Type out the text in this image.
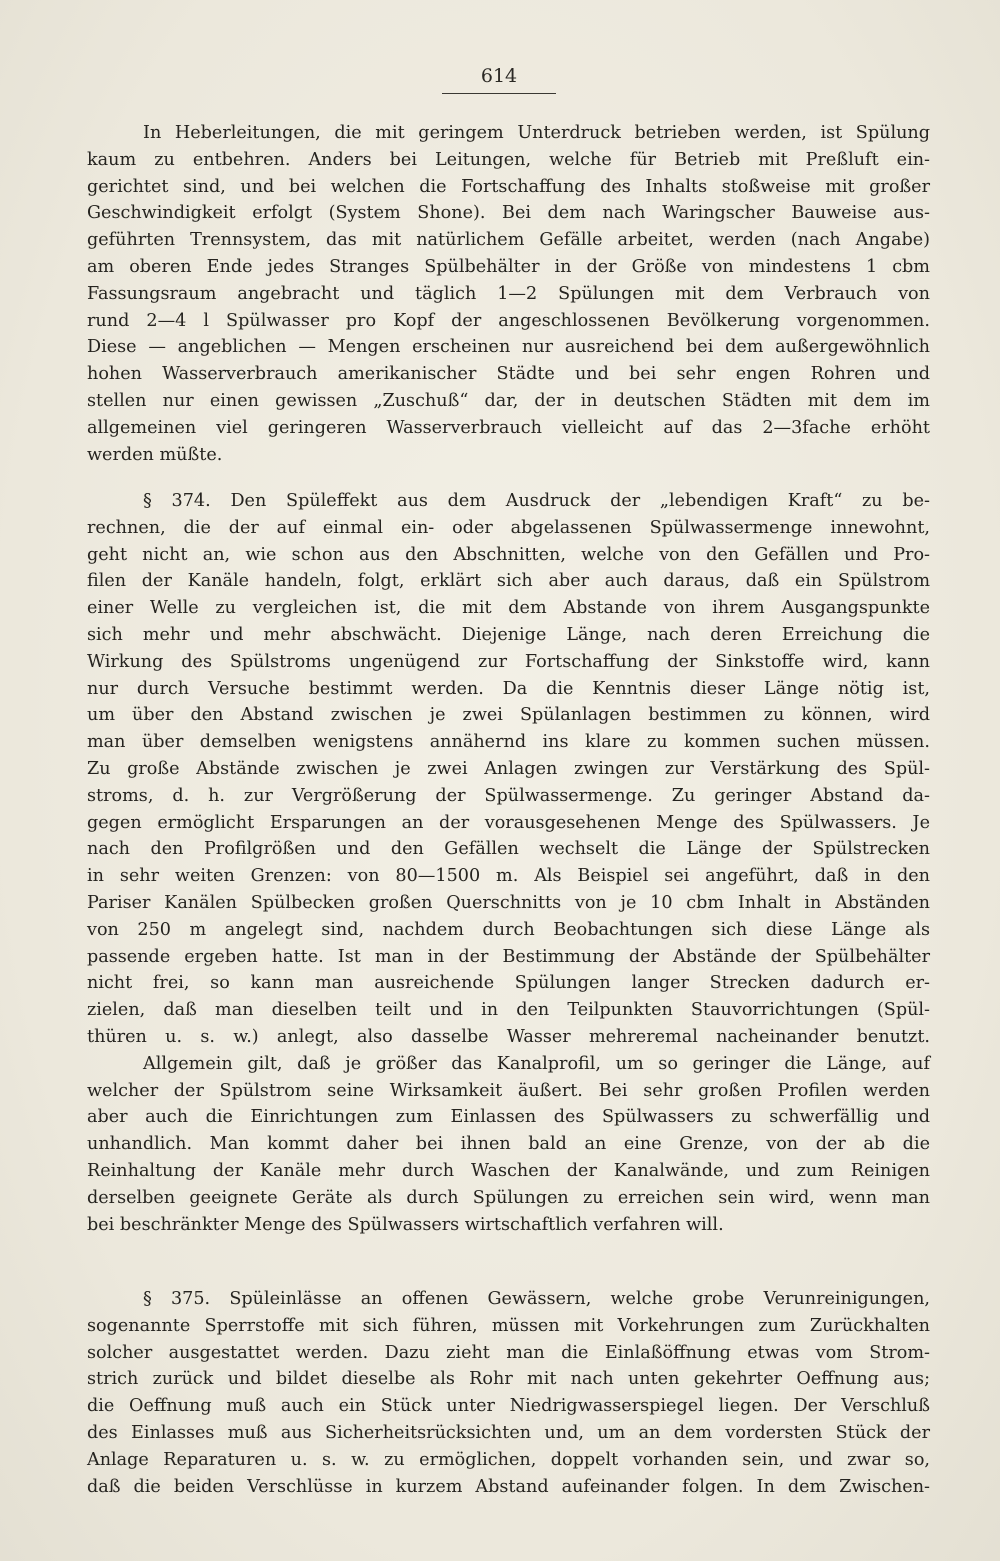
614
In Heberleitungen, die mit geringem Unterdruck betrieben werden, ist Spülung
kaum zu entbehren. Anders bei Leitungen, welche für Betrieb mit Preßluft ein-
gerichtet sind, und bei welchen die Fortschaffung des Inhalts stoßweise mit großer
Geschwindigkeit erfolgt (System Shone). Bei dem nach Waringscher Bauweise aus-
geführten Trennsystem, das mit natürlichem Gefälle arbeitet, werden (nach Angabe)
am oberen Ende jedes Stranges Spülbehälter in der Größe von mindestens 1 cbm
Fassungsraum angebracht und täglich 1—2 Spülungen mit dem Verbrauch von
rund 2—4 l Spülwasser pro Kopf der angeschlossenen Bevölkerung vorgenommen.
Diese — angeblichen — Mengen erscheinen nur ausreichend bei dem außergewöhnlich
hohen Wasserverbrauch amerikanischer Städte und bei sehr engen Rohren und
stellen nur einen gewissen „Zuschuß“ dar, der in deutschen Städten mit dem im
allgemeinen viel geringeren Wasserverbrauch vielleicht auf das 2—3fache erhöht
werden müßte.
§ 374. Den Spüleffekt aus dem Ausdruck der „lebendigen Kraft“ zu be-
rechnen, die der auf einmal ein- oder abgelassenen Spülwassermenge innewohnt,
geht nicht an, wie schon aus den Abschnitten, welche von den Gefällen und Pro-
filen der Kanäle handeln, folgt, erklärt sich aber auch daraus, daß ein Spülstrom
einer Welle zu vergleichen ist, die mit dem Abstande von ihrem Ausgangspunkte
sich mehr und mehr abschwächt. Diejenige Länge, nach deren Erreichung die
Wirkung des Spülstroms ungenügend zur Fortschaffung der Sinkstoffe wird, kann
nur durch Versuche bestimmt werden. Da die Kenntnis dieser Länge nötig ist,
um über den Abstand zwischen je zwei Spülanlagen bestimmen zu können, wird
man über demselben wenigstens annähernd ins klare zu kommen suchen müssen.
Zu große Abstände zwischen je zwei Anlagen zwingen zur Verstärkung des Spül-
stroms, d. h. zur Vergrößerung der Spülwassermenge. Zu geringer Abstand da-
gegen ermöglicht Ersparungen an der vorausgesehenen Menge des Spülwassers. Je
nach den Profilgrößen und den Gefällen wechselt die Länge der Spülstrecken
in sehr weiten Grenzen: von 80—1500 m. Als Beispiel sei angeführt, daß in den
Pariser Kanälen Spülbecken großen Querschnitts von je 10 cbm Inhalt in Abständen
von 250 m angelegt sind, nachdem durch Beobachtungen sich diese Länge als
passende ergeben hatte. Ist man in der Bestimmung der Abstände der Spülbehälter
nicht frei, so kann man ausreichende Spülungen langer Strecken dadurch er-
zielen, daß man dieselben teilt und in den Teilpunkten Stauvorrichtungen (Spül-
thüren u. s. w.) anlegt, also dasselbe Wasser mehreremal nacheinander benutzt.
Allgemein gilt, daß je größer das Kanalprofil, um so geringer die Länge, auf
welcher der Spülstrom seine Wirksamkeit äußert. Bei sehr großen Profilen werden
aber auch die Einrichtungen zum Einlassen des Spülwassers zu schwerfällig und
unhandlich. Man kommt daher bei ihnen bald an eine Grenze, von der ab die
Reinhaltung der Kanäle mehr durch Waschen der Kanalwände, und zum Reinigen
derselben geeignete Geräte als durch Spülungen zu erreichen sein wird, wenn man
bei beschränkter Menge des Spülwassers wirtschaftlich verfahren will.
§ 375. Spüleinlässe an offenen Gewässern, welche grobe Verunreinigungen,
sogenannte Sperrstoffe mit sich führen, müssen mit Vorkehrungen zum Zurückhalten
solcher ausgestattet werden. Dazu zieht man die Einlaßöffnung etwas vom Strom-
strich zurück und bildet dieselbe als Rohr mit nach unten gekehrter Oeffnung aus;
die Oeffnung muß auch ein Stück unter Niedrigwasserspiegel liegen. Der Verschluß
des Einlasses muß aus Sicherheitsrücksichten und, um an dem vordersten Stück der
Anlage Reparaturen u. s. w. zu ermöglichen, doppelt vorhanden sein, und zwar so,
daß die beiden Verschlüsse in kurzem Abstand aufeinander folgen. In dem Zwischen-
